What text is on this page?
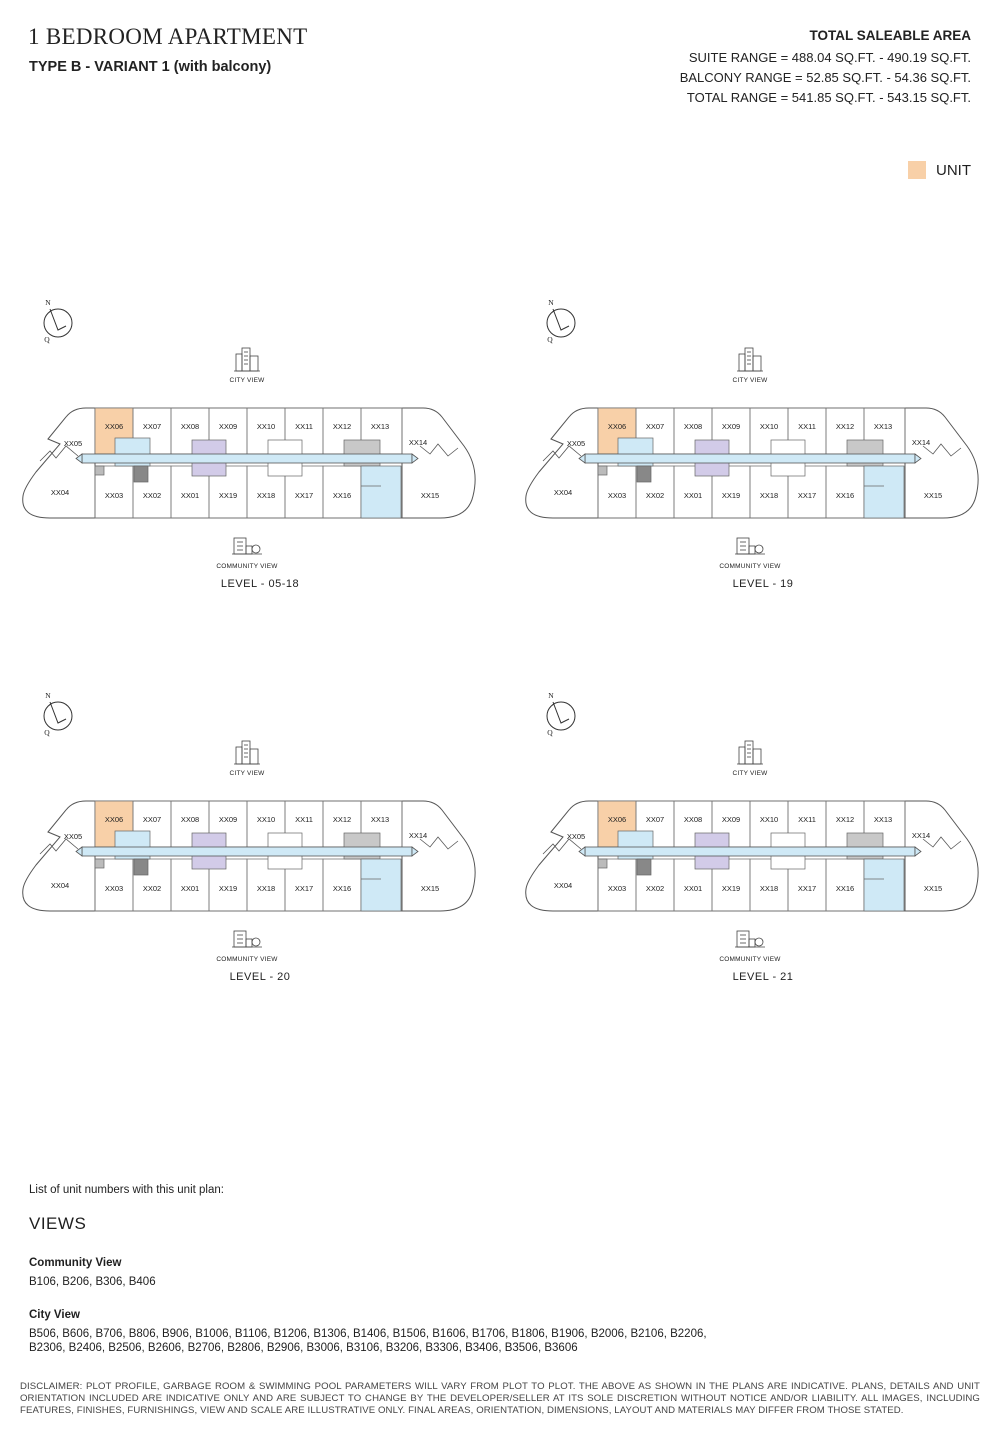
1 BEDROOM APARTMENT
TYPE B - VARIANT 1 (with balcony)
TOTAL SALEABLE AREA
SUITE RANGE = 488.04 SQ.FT. - 490.19 SQ.FT.
BALCONY RANGE = 52.85 SQ.FT. - 54.36 SQ.FT.
TOTAL RANGE = 541.85 SQ.FT. - 543.15 SQ.FT.
UNIT
N
Q
CITY VIEW
XX06	XX07	XX08	XX09	XX10	XX11	XX12	XX13
XX05	XX14
XX04	XX03	XX02	XX01	XX19	XX18	XX17	XX16	XX15
COMMUNITY VIEW
LEVEL - 05-18
N
Q
CITY VIEW
XX06	XX07	XX08	XX09	XX10	XX11	XX12	XX13
XX05	XX14
XX04	XX03	XX02	XX01	XX19	XX18	XX17	XX16	XX15
COMMUNITY VIEW
LEVEL - 19
N
Q
CITY VIEW
XX06	XX07	XX08	XX09	XX10	XX11	XX12	XX13
XX05	XX14
XX04	XX03	XX02	XX01	XX19	XX18	XX17	XX16	XX15
COMMUNITY VIEW
LEVEL - 20
N
Q
CITY VIEW
XX06	XX07	XX08	XX09	XX10	XX11	XX12	XX13
XX05	XX14
XX04	XX03	XX02	XX01	XX19	XX18	XX17	XX16	XX15
COMMUNITY VIEW
LEVEL - 21
List of unit numbers with this unit plan:
VIEWS
Community View
B106, B206, B306, B406
City View
B506, B606, B706, B806, B906, B1006, B1106, B1206, B1306, B1406, B1506, B1606, B1706, B1806, B1906, B2006, B2106, B2206, B2306, B2406, B2506, B2606, B2706, B2806, B2906, B3006, B3106, B3206, B3306, B3406, B3506, B3606
DISCLAIMER: PLOT PROFILE, GARBAGE ROOM & SWIMMING POOL PARAMETERS WILL VARY FROM PLOT TO PLOT. THE ABOVE AS SHOWN IN THE PLANS ARE INDICATIVE. PLANS, DETAILS AND UNIT ORIENTATION INCLUDED ARE INDICATIVE ONLY AND ARE SUBJECT TO CHANGE BY THE DEVELOPER/SELLER AT ITS SOLE DISCRETION WITHOUT NOTICE AND/OR LIABILITY. ALL IMAGES, INCLUDING FEATURES, FINISHES, FURNISHINGS, VIEW AND SCALE ARE ILLUSTRATIVE ONLY. FINAL AREAS, ORIENTATION, DIMENSIONS, LAYOUT AND MATERIALS MAY DIFFER FROM THOSE STATED.
